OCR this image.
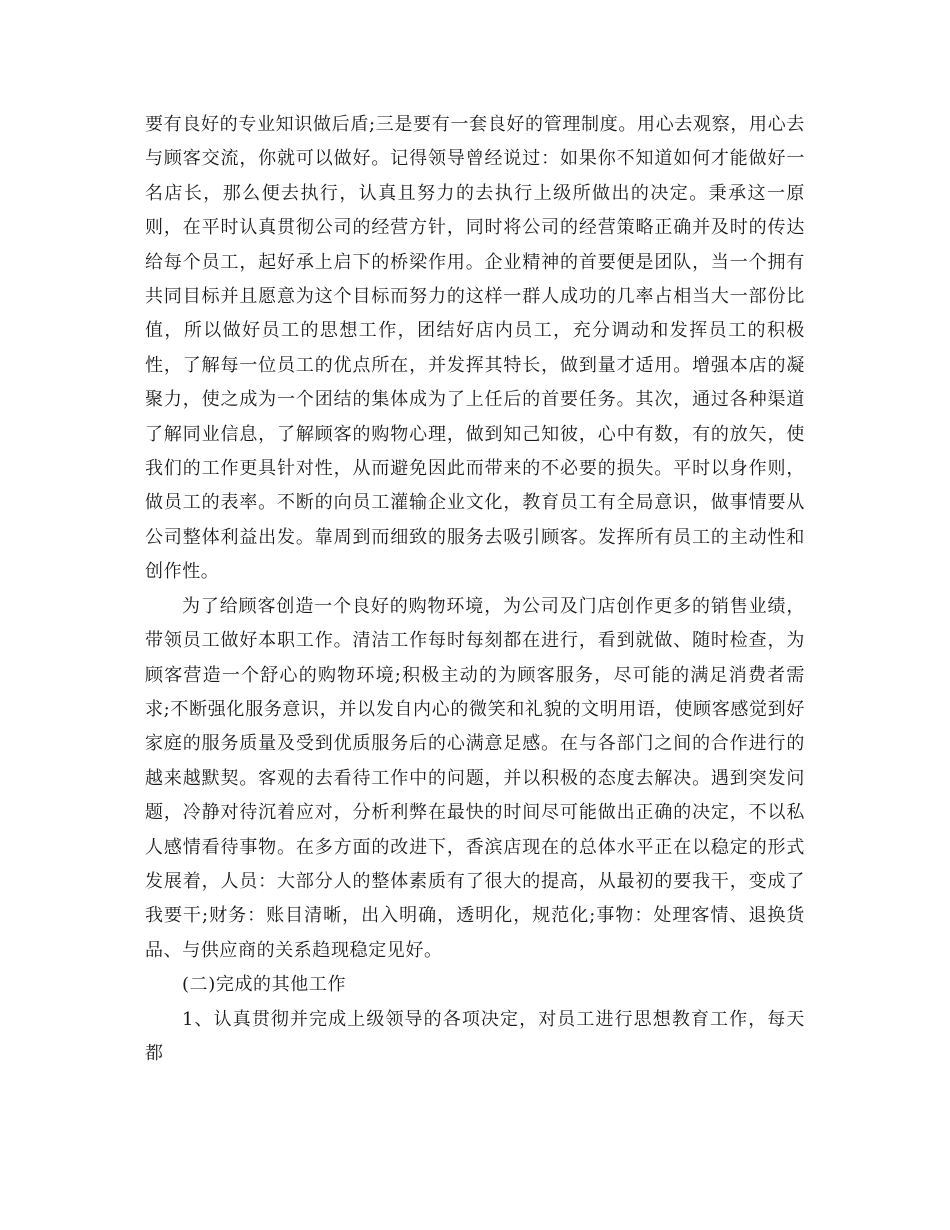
要有良好的专业知识做后盾;三是要有一套良好的管理制度。用心去观察，用心去与顾客交流，你就可以做好。记得领导曾经说过：如果你不知道如何才能做好一名店长，那么便去执行，认真且努力的去执行上级所做出的决定。秉承这一原则，在平时认真贯彻公司的经营方针，同时将公司的经营策略正确并及时的传达给每个员工，起好承上启下的桥梁作用。企业精神的首要便是团队，当一个拥有共同目标并且愿意为这个目标而努力的这样一群人成功的几率占相当大一部份比值，所以做好员工的思想工作，团结好店内员工，充分调动和发挥员工的积极性，了解每一位员工的优点所在，并发挥其特长，做到量才适用。增强本店的凝聚力，使之成为一个团结的集体成为了上任后的首要任务。其次，通过各种渠道了解同业信息，了解顾客的购物心理，做到知己知彼，心中有数，有的放矢，使我们的工作更具针对性，从而避免因此而带来的不必要的损失。平时以身作则，做员工的表率。不断的向员工灌输企业文化，教育员工有全局意识，做事情要从公司整体利益出发。靠周到而细致的服务去吸引顾客。发挥所有员工的主动性和创作性。

为了给顾客创造一个良好的购物环境，为公司及门店创作更多的销售业绩，带领员工做好本职工作。清洁工作每时每刻都在进行，看到就做、随时检查，为顾客营造一个舒心的购物环境;积极主动的为顾客服务，尽可能的满足消费者需求;不断强化服务意识，并以发自内心的微笑和礼貌的文明用语，使顾客感觉到好家庭的服务质量及受到优质服务后的心满意足感。在与各部门之间的合作进行的越来越默契。客观的去看待工作中的问题，并以积极的态度去解决。遇到突发问题，冷静对待沉着应对，分析利弊在最快的时间尽可能做出正确的决定，不以私人感情看待事物。在多方面的改进下，香滨店现在的总体水平正在以稳定的形式发展着，人员：大部分人的整体素质有了很大的提高，从最初的要我干，变成了我要干;财务：账目清晰，出入明确，透明化，规范化;事物：处理客情、退换货品、与供应商的关系趋现稳定见好。

(二)完成的其他工作

1、认真贯彻并完成上级领导的各项决定，对员工进行思想教育工作，每天都
